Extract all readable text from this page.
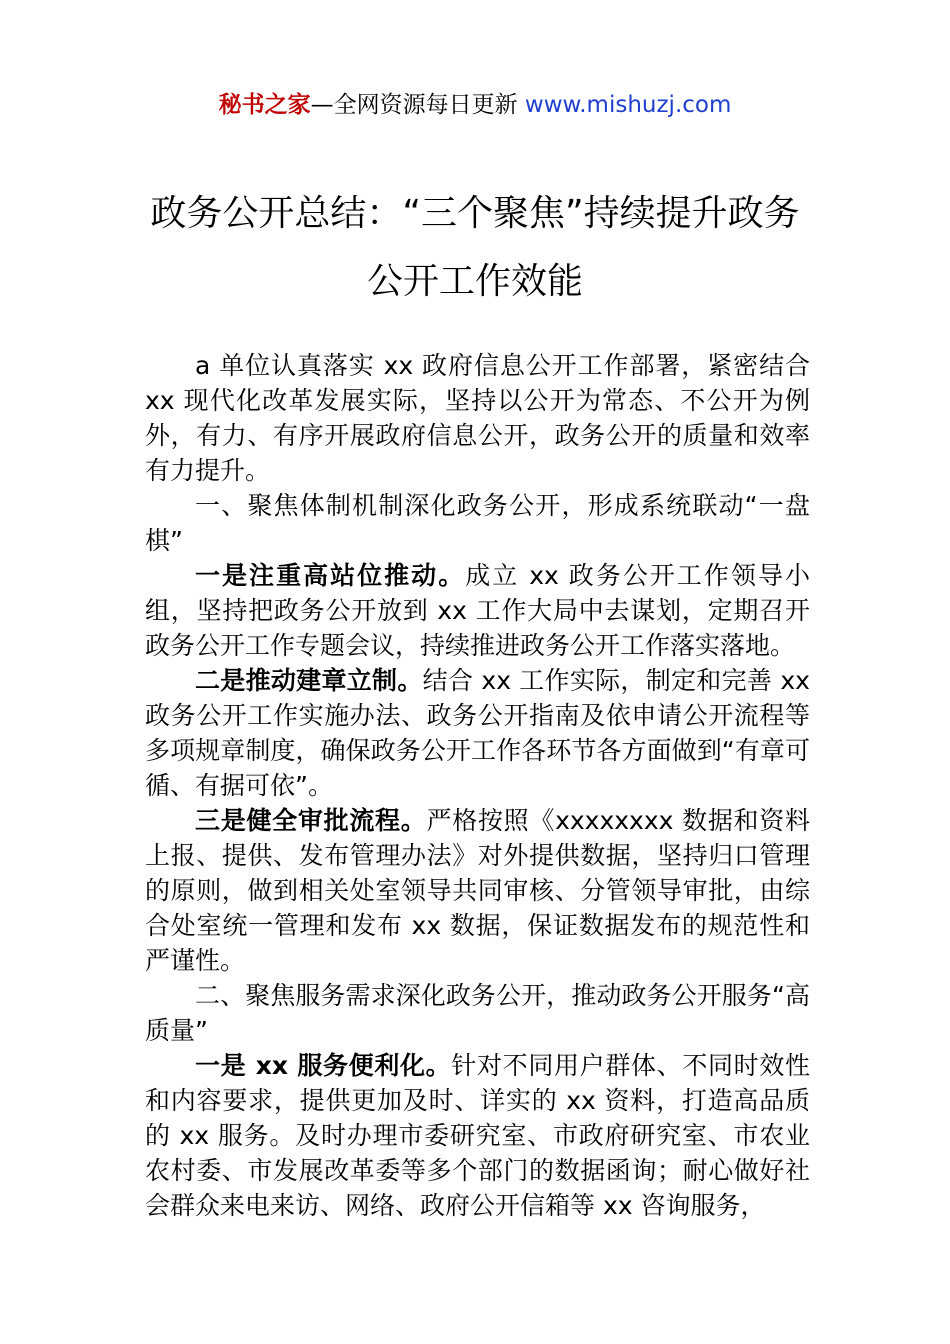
秘书之家—全网资源每日更新 www.mishuzj.com
政务公开总结：“三个聚焦”持续提升政务公开工作效能

a 单位认真落实 xx 政府信息公开工作部署，紧密结合 xx 现代化改革发展实际，坚持以公开为常态、不公开为例外，有力、有序开展政府信息公开，政务公开的质量和效率有力提升。

一、聚焦体制机制深化政务公开，形成系统联动“一盘棋”

一是注重高站位推动。成立 xx 政务公开工作领导小组，坚持把政务公开放到 xx 工作大局中去谋划，定期召开政务公开工作专题会议，持续推进政务公开工作落实落地。

二是推动建章立制。结合 xx 工作实际，制定和完善 xx 政务公开工作实施办法、政务公开指南及依申请公开流程等多项规章制度，确保政务公开工作各环节各方面做到“有章可循、有据可依”。

三是健全审批流程。严格按照《xxxxxxxx 数据和资料上报、提供、发布管理办法》对外提供数据，坚持归口管理的原则，做到相关处室领导共同审核、分管领导审批，由综合处室统一管理和发布 xx 数据，保证数据发布的规范性和严谨性。

二、聚焦服务需求深化政务公开，推动政务公开服务“高质量”

一是 xx 服务便利化。针对不同用户群体、不同时效性和内容要求，提供更加及时、详实的 xx 资料，打造高品质的 xx 服务。及时办理市委研究室、市政府研究室、市农业农村委、市发展改革委等多个部门的数据函询；耐心做好社会群众来电来访、网络、政府公开信箱等 xx 咨询服务，
